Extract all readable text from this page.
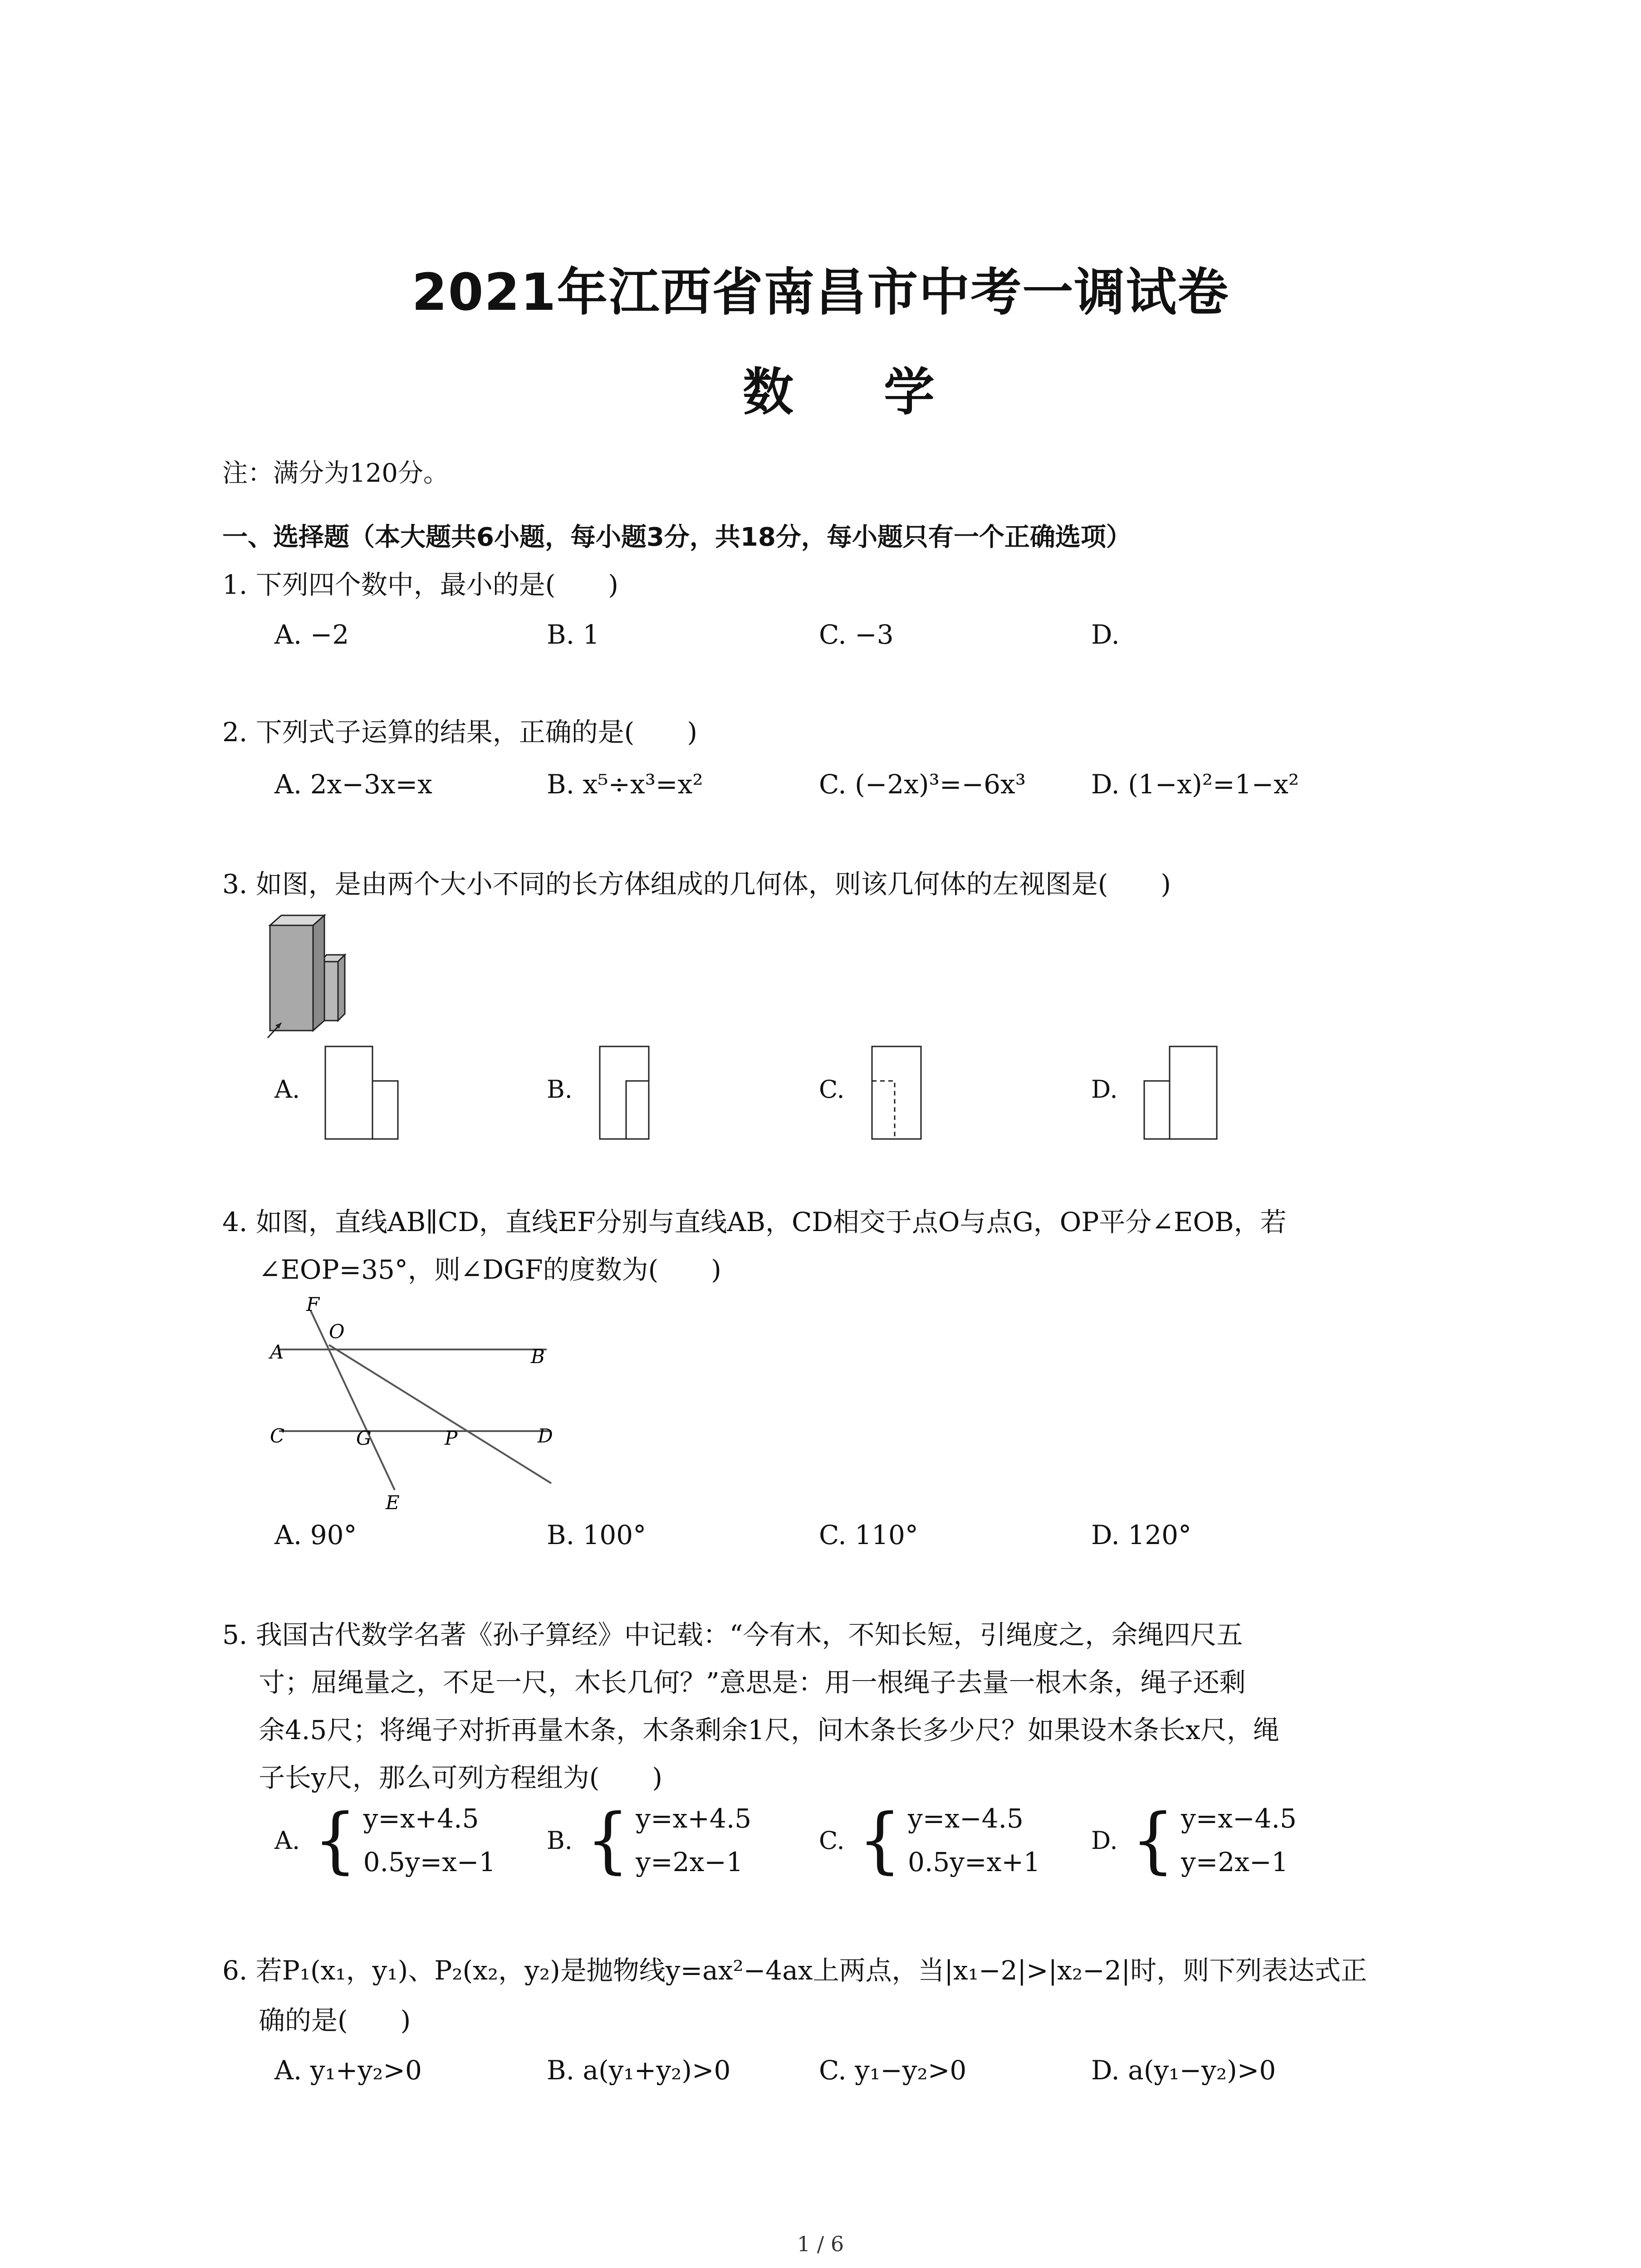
2021年江西省南昌市中考一调试卷
数 学
注：满分为120分。
一、选择题（本大题共6小题，每小题3分，共18分，每小题只有一个正确选项）
1. 下列四个数中，最小的是(　　)
A. −2	B. 1	C. −3	D.
2. 下列式子运算的结果，正确的是(　　)
A. 2x−3x=x	B. x⁵÷x³=x²	C. (−2x)³=−6x³ D. (1−x)²=1−x²
3. 如图，是由两个大小不同的长方体组成的几何体，则该几何体的左视图是(　　)
A.	B.	C.	D.
4. 如图，直线AB∥CD，直线EF分别与直线AB，CD相交于点O与点G，OP平分∠EOB，若
∠EOP=35°，则∠DGF的度数为(　　)
F
O
A	B
C	G	P	D
E
A. 90°	B. 100°	C. 110°	D. 120°
5. 我国古代数学名著《孙子算经》中记载：“今有木，不知长短，引绳度之，余绳四尺五
寸；屈绳量之，不足一尺，木长几何？”意思是：用一根绳子去量一根木条，绳子还剩
余4.5尺；将绳子对折再量木条，木条剩余1尺，问木条长多少尺？如果设木条长x尺，绳
子长y尺，那么可列方程组为(　　)
A. { y=x+4.5
0.5y=x−1
B. { y=x+4.5
y=2x−1
C. { y=x−4.5
0.5y=x+1
D. { y=x−4.5
y=2x−1
6. 若P₁(x₁，y₁)、P₂(x₂，y₂)是抛物线y=ax²−4ax上两点，当|x₁−2|>|x₂−2|时，则下列表达式正
确的是(　　)
A. y₁+y₂>0	B. a(y₁+y₂)>0	C. y₁−y₂>0	D. a(y₁−y₂)>0
1 / 6
